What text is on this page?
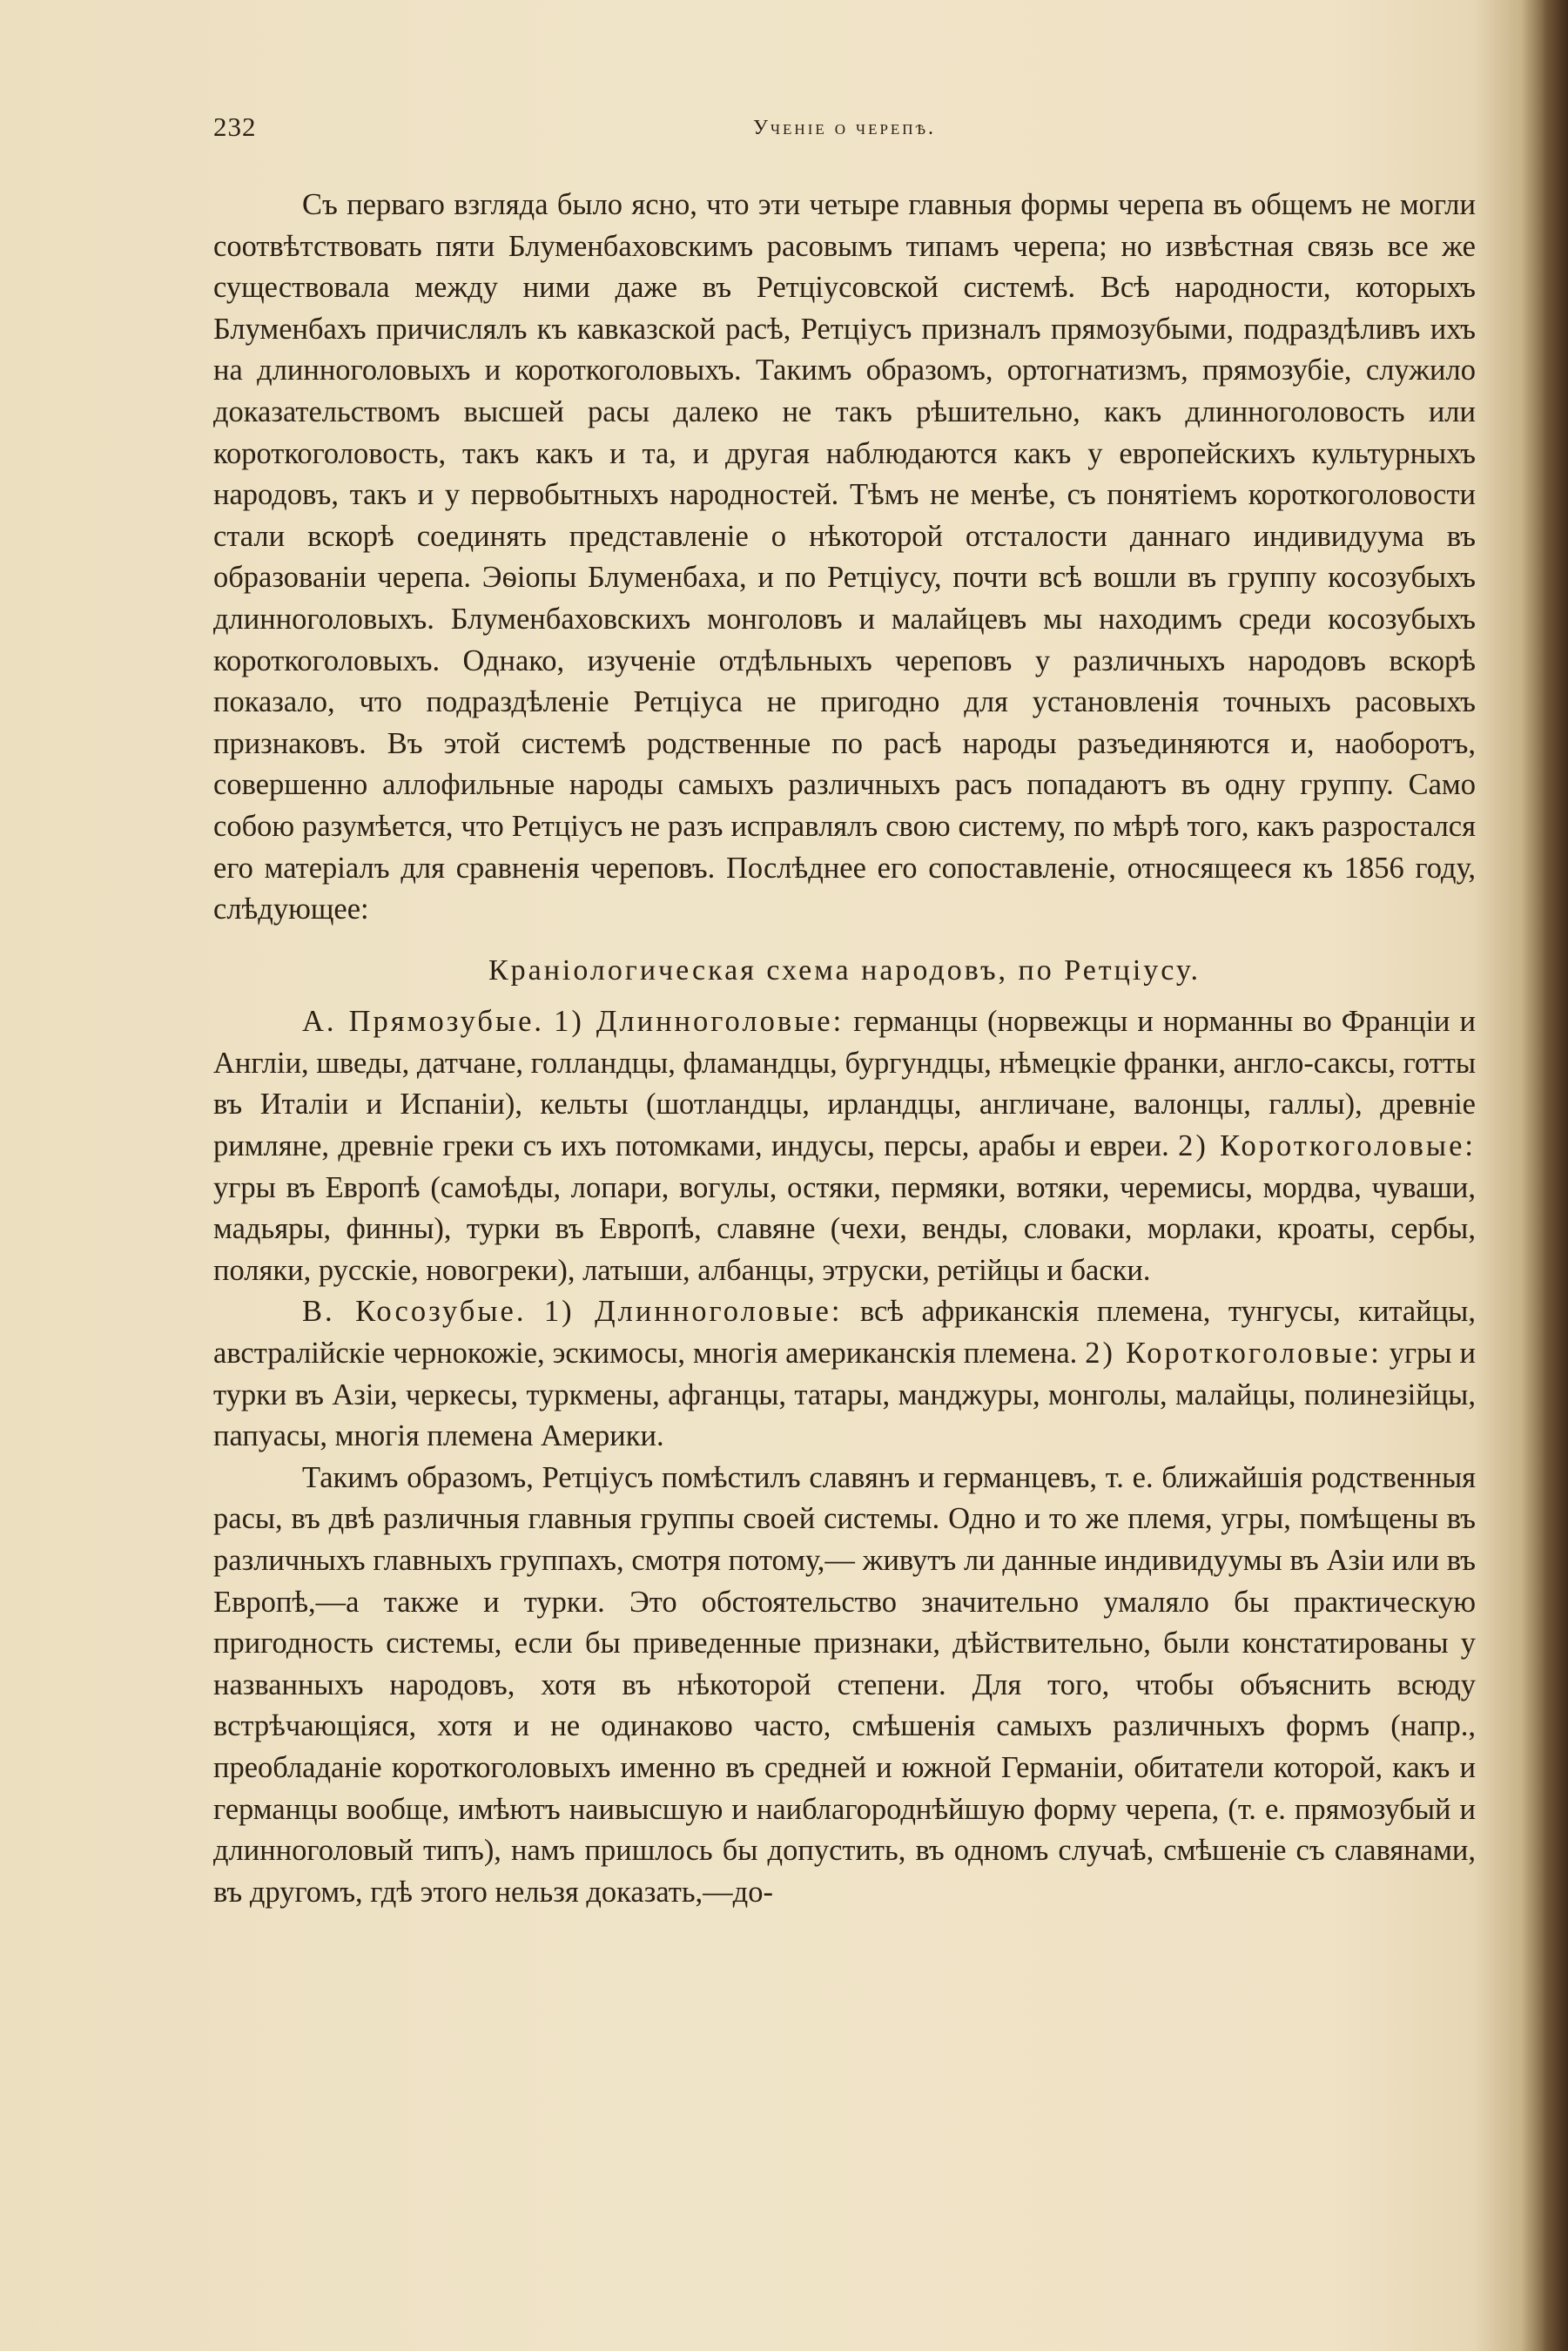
232	Ученіе о черепѣ.

Съ перваго взгляда было ясно, что эти четыре главныя формы черепа въ общемъ не могли соотвѣтствовать пяти Блуменбаховскимъ расовымъ типамъ черепа; но извѣстная связь все же существовала между ними даже въ Ретціусовской системѣ. Всѣ народности, которыхъ Блуменбахъ причислялъ къ кавказской расѣ, Ретціусъ призналъ прямозубыми, подраздѣливъ ихъ на длинноголовыхъ и короткоголовыхъ. Такимъ образомъ, ортогнатизмъ, прямозубіе, служило доказательствомъ высшей расы далеко не такъ рѣшительно, какъ длинноголовость или короткоголовость, такъ какъ и та, и другая наблюдаются какъ у европейскихъ культурныхъ народовъ, такъ и у первобытныхъ народностей. Тѣмъ не менѣе, съ понятіемъ короткоголовости стали вскорѣ соединять представленіе о нѣкоторой отсталости даннаго индивидуума въ образованіи черепа. Эѳіопы Блуменбаха, и по Ретціусу, почти всѣ вошли въ группу косозубыхъ длинноголовыхъ. Блуменбаховскихъ монголовъ и малайцевъ мы находимъ среди косозубыхъ короткоголовыхъ. Однако, изученіе отдѣльныхъ череповъ у различныхъ народовъ вскорѣ показало, что подраздѣленіе Ретціуса не пригодно для установленія точныхъ расовыхъ признаковъ. Въ этой системѣ родственные по расѣ народы разъединяются и, наоборотъ, совершенно аллофильные народы самыхъ различныхъ расъ попадаютъ въ одну группу. Само собою разумѣется, что Ретціусъ не разъ исправлялъ свою систему, по мѣрѣ того, какъ разростался его матеріалъ для сравненія череповъ. Послѣднее его сопоставленіе, относящееся къ 1856 году, слѣдующее:

Краніологическая схема народовъ, по Ретціусу.

А. Прямозубые. 1) Длинноголовые: германцы (норвежцы и норманны во Франціи и Англіи, шведы, датчане, голландцы, фламандцы, бургундцы, нѣмецкіе франки, англо-саксы, готты въ Италіи и Испаніи), кельты (шотландцы, ирландцы, англичане, валонцы, галлы), древніе римляне, древніе греки съ ихъ потомками, индусы, персы, арабы и евреи. 2) Короткоголовые: угры въ Европѣ (самоѣды, лопари, вогулы, остяки, пермяки, вотяки, черемисы, мордва, чуваши, мадьяры, финны), турки въ Европѣ, славяне (чехи, венды, словаки, морлаки, кроаты, сербы, поляки, русскіе, новогреки), латыши, албанцы, этруски, ретійцы и баски.

В. Косозубые. 1) Длинноголовые: всѣ африканскія племена, тунгусы, китайцы, австралійскіе чернокожіе, эскимосы, многія американскія племена. 2) Короткоголовые: угры и турки въ Азіи, черкесы, туркмены, афганцы, татары, манджуры, монголы, малайцы, полинезійцы, папуасы, многія племена Америки.

Такимъ образомъ, Ретціусъ помѣстилъ славянъ и германцевъ, т. е. ближайшія родственныя расы, въ двѣ различныя главныя группы своей системы. Одно и то же племя, угры, помѣщены въ различныхъ главныхъ группахъ, смотря потому,— живутъ ли данные индивидуумы въ Азіи или въ Европѣ,—а также и турки. Это обстоятельство значительно умаляло бы практическую пригодность системы, если бы приведенные признаки, дѣйствительно, были констатированы у названныхъ народовъ, хотя въ нѣкоторой степени. Для того, чтобы объяснить всюду встрѣчающіяся, хотя и не одинаково часто, смѣшенія самыхъ различныхъ формъ (напр., преобладаніе короткоголовыхъ именно въ средней и южной Германіи, обитатели которой, какъ и германцы вообще, имѣютъ наивысшую и наиблагороднѣйшую форму черепа, (т. е. прямозубый и длинноголовый типъ), намъ пришлось бы допустить, въ одномъ случаѣ, смѣшеніе съ славянами, въ другомъ, гдѣ этого нельзя доказать,—до-
